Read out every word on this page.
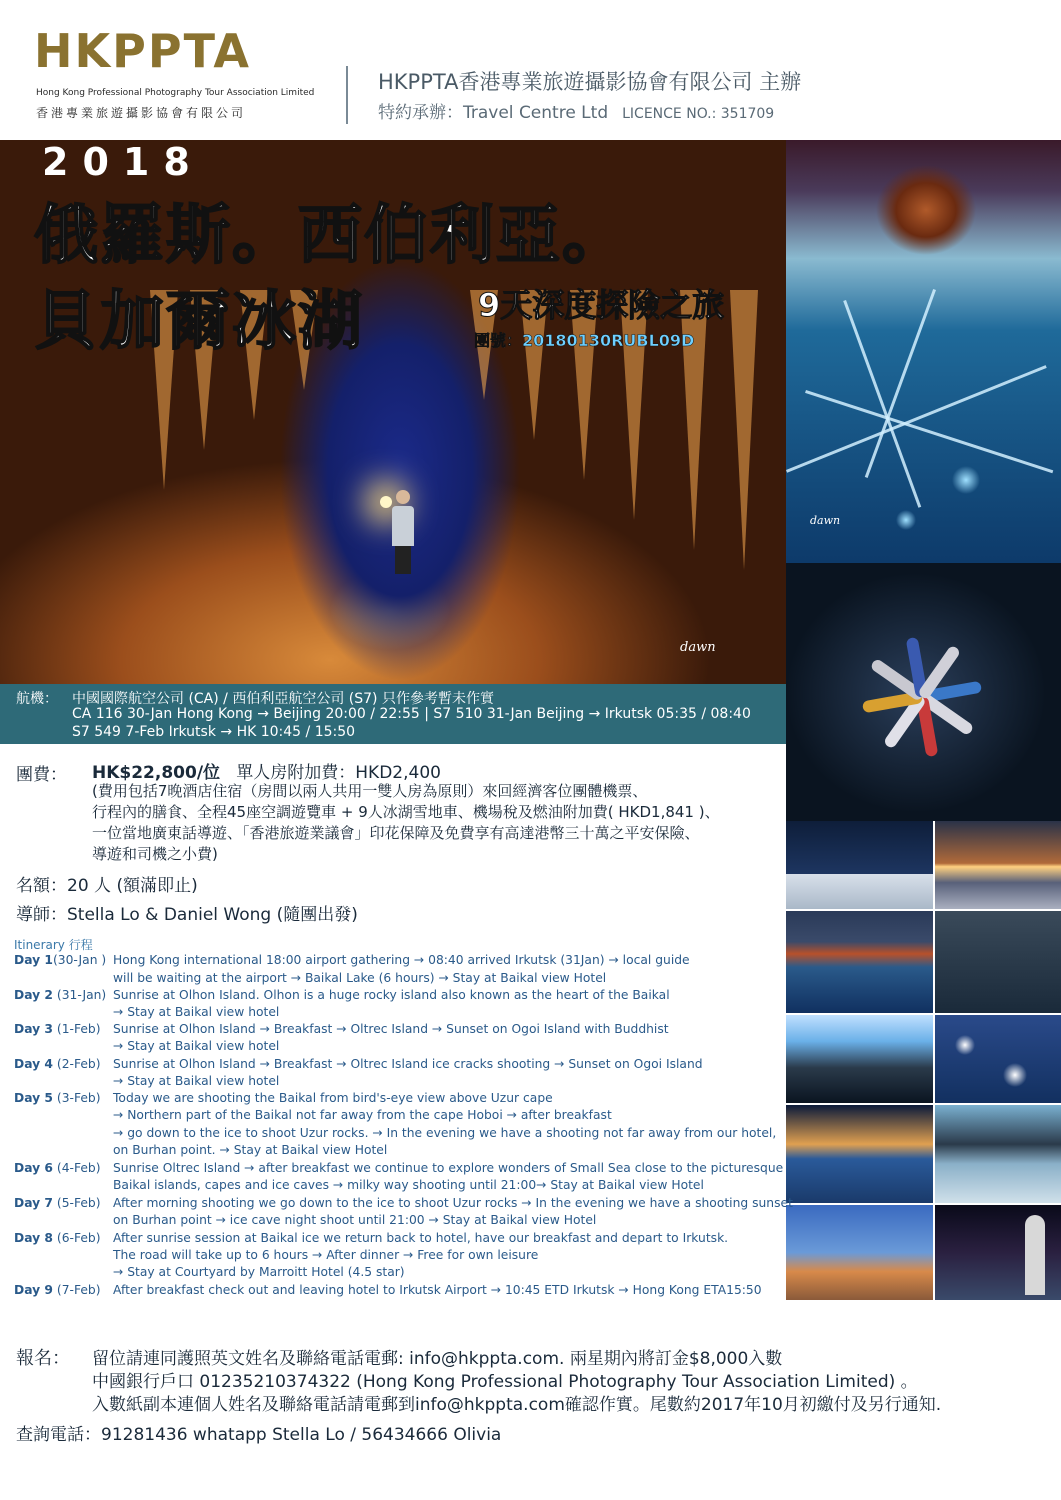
HKPPTA
Hong Kong Professional Photography Tour Association Limited
香港專業旅遊攝影協會有限公司
HKPPTA香港專業旅遊攝影協會有限公司 主辦
特約承辦：Travel Centre Ltd LICENCE NO.: 351709
2018
俄羅斯。西伯利亞。
貝加爾冰湖	9天深度探險之旅
團號：20180130RUBL09D
dawn
航機： 中國國際航空公司 (CA) / 西伯利亞航空公司 (S7) 只作參考暫未作實
CA 116 30-Jan Hong Kong → Beijing 20:00 / 22:55 | S7 510 31-Jan Beijing → Irkutsk 05:35 / 08:40
S7 549 7-Feb Irkutsk → HK 10:45 / 15:50
dawn
團費： HK$22,800/位 單人房附加費：HKD2,400
(費用包括7晚酒店住宿（房間以兩人共用一雙人房為原則）來回經濟客位團體機票、
行程內的膳食、全程45座空調遊覽車 + 9人冰湖雪地車、機場稅及燃油附加費( HKD1,841 )、
一位當地廣東話導遊、「香港旅遊業議會」印花保障及免費享有高達港幣三十萬之平安保險、
導遊和司機之小費)
名額：20 人 (額滿即止)
導師：Stella Lo & Daniel Wong (隨團出發)
Itinerary 行程
Day 1(30-Jan ) Hong Kong international 18:00 airport gathering → 08:40 arrived Irkutsk (31Jan) → local guide
will be waiting at the airport → Baikal Lake (6 hours) → Stay at Baikal view Hotel
Day 2 (31-Jan) Sunrise at Olhon Island. Olhon is a huge rocky island also known as the heart of the Baikal
→ Stay at Baikal view hotel
Day 3 (1-Feb) Sunrise at Olhon Island → Breakfast → Oltrec Island → Sunset on Ogoi Island with Buddhist
→ Stay at Baikal view hotel
Day 4 (2-Feb) Sunrise at Olhon Island → Breakfast → Oltrec Island ice cracks shooting → Sunset on Ogoi Island
→ Stay at Baikal view hotel
Day 5 (3-Feb) Today we are shooting the Baikal from bird's-eye view above Uzur cape
→ Northern part of the Baikal not far away from the cape Hoboi → after breakfast
→ go down to the ice to shoot Uzur rocks. → In the evening we have a shooting not far away from our hotel,
on Burhan point. → Stay at Baikal view Hotel
Day 6 (4-Feb) Sunrise Oltrec Island → after breakfast we continue to explore wonders of Small Sea close to the picturesque
Baikal islands, capes and ice caves → milky way shooting until 21:00→ Stay at Baikal view Hotel
Day 7 (5-Feb) After morning shooting we go down to the ice to shoot Uzur rocks → In the evening we have a shooting sunset
on Burhan point → ice cave night shoot until 21:00 → Stay at Baikal view Hotel
Day 8 (6-Feb) After sunrise session at Baikal ice we return back to hotel, have our breakfast and depart to Irkutsk.
The road will take up to 6 hours → After dinner → Free for own leisure
→ Stay at Courtyard by Marroitt Hotel (4.5 star)
Day 9 (7-Feb) After breakfast check out and leaving hotel to Irkutsk Airport → 10:45 ETD Irkutsk → Hong Kong ETA15:50
報名： 留位請連同護照英文姓名及聯絡電話電郵: info@hkppta.com. 兩星期內將訂金$8,000入數
中國銀行戶口 01235210374322 (Hong Kong Professional Photography Tour Association Limited) 。
入數紙副本連個人姓名及聯絡電話請電郵到info@hkppta.com確認作實。尾數約2017年10月初繳付及另行通知.
查詢電話：91281436 whatapp Stella Lo / 56434666 Olivia
